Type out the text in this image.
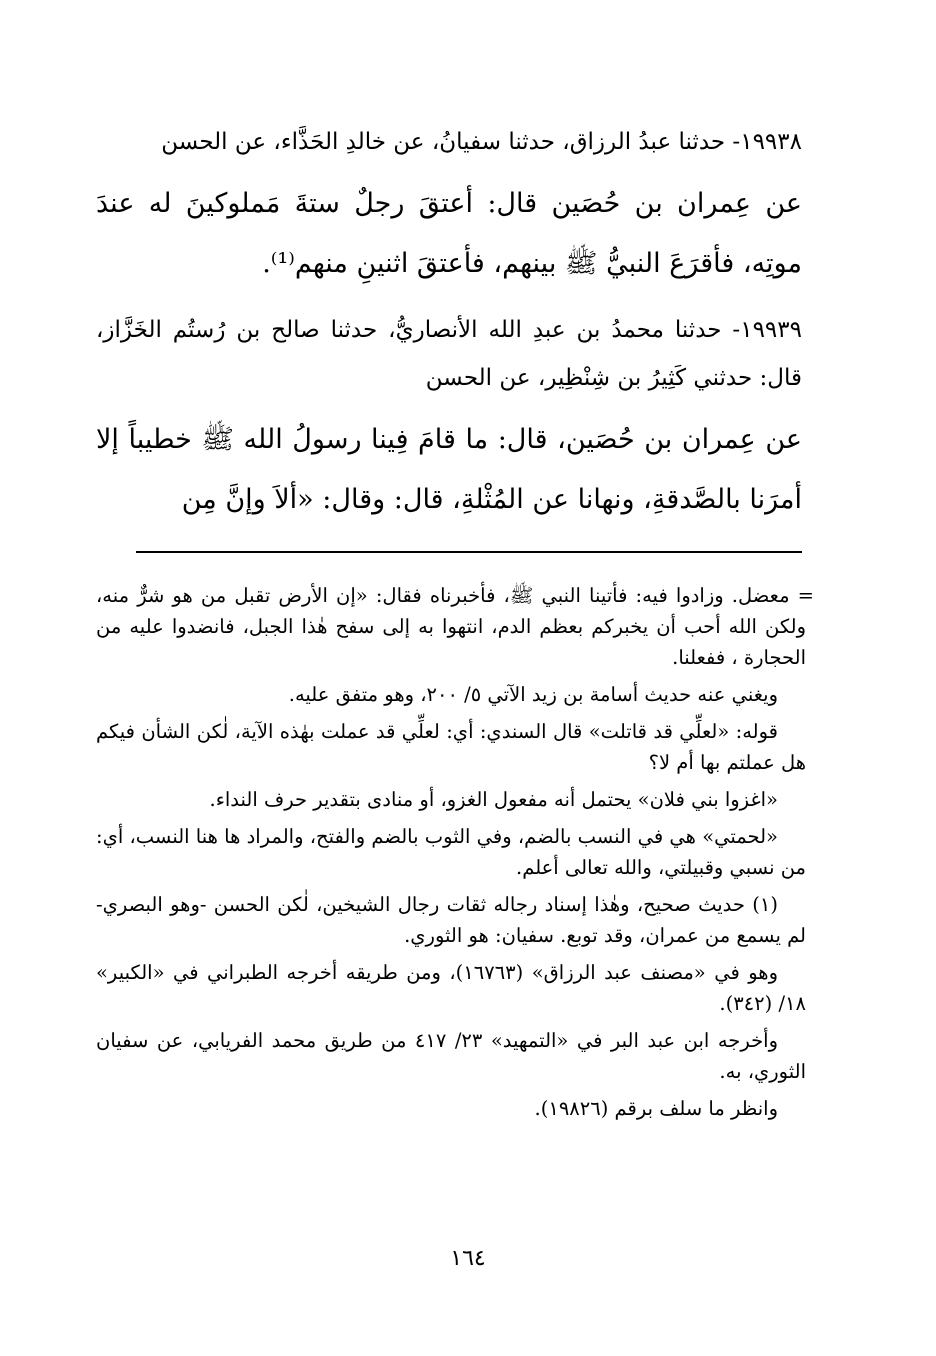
١٩٩٣٨- حدثنا عبدُ الرزاق، حدثنا سفيانُ، عن خالدِ الحَذَّاء، عن الحسن

عن عِمران بن حُصَين قال: أعتقَ رجلٌ ستةَ مَملوكينَ له عندَ موتِه، فأقرَعَ النبيُّ ﷺ بينهم، فأعتقَ اثنينِ منهم⁽¹⁾.

١٩٩٣٩- حدثنا محمدُ بن عبدِ الله الأنصاريُّ، حدثنا صالح بن رُستُم الخَزَّاز، قال: حدثني كَثِيرُ بن شِنْظِير، عن الحسن

عن عِمران بن حُصَين، قال: ما قامَ فِينا رسولُ الله ﷺ خطيباً إلا أمرَنا بالصَّدقةِ، ونهانا عن المُثْلةِ، قال: وقال: «ألاَ وإنَّ مِن

= معضل. وزادوا فيه: فأتينا النبي ﷺ، فأخبرناه فقال: «إن الأرض تقبل من هو شرٌّ منه، ولكن الله أحب أن يخبركم بعظم الدم، انتهوا به إلى سفح هٰذا الجبل، فانضدوا عليه من الحجارة ، ففعلنا.

ويغني عنه حديث أسامة بن زيد الآتي ٥/ ٢٠٠، وهو متفق عليه.

قوله: «لعلِّي قد قاتلت» قال السندي: أي: لعلِّي قد عملت بهٰذه الآية، لٰكن الشأن فيكم هل عملتم بها أم لا؟

«اغزوا بني فلان» يحتمل أنه مفعول الغزو، أو منادى بتقدير حرف النداء.

«لحمتي» هي في النسب بالضم، وفي الثوب بالضم والفتح، والمراد ها هنا النسب، أي: من نسبي وقبيلتي، والله تعالى أعلم.

(١) حديث صحيح، وهٰذا إسناد رجاله ثقات رجال الشيخين، لٰكن الحسن -وهو البصري- لم يسمع من عمران، وقد توبع. سفيان: هو الثوري.

وهو في «مصنف عبد الرزاق» (١٦٧٦٣)، ومن طريقه أخرجه الطبراني في «الكبير» ١٨/ (٣٤٢).

وأخرجه ابن عبد البر في «التمهيد» ٢٣/ ٤١٧ من طريق محمد الفريابي، عن سفيان الثوري، به.

وانظر ما سلف برقم (١٩٨٢٦).

١٦٤
